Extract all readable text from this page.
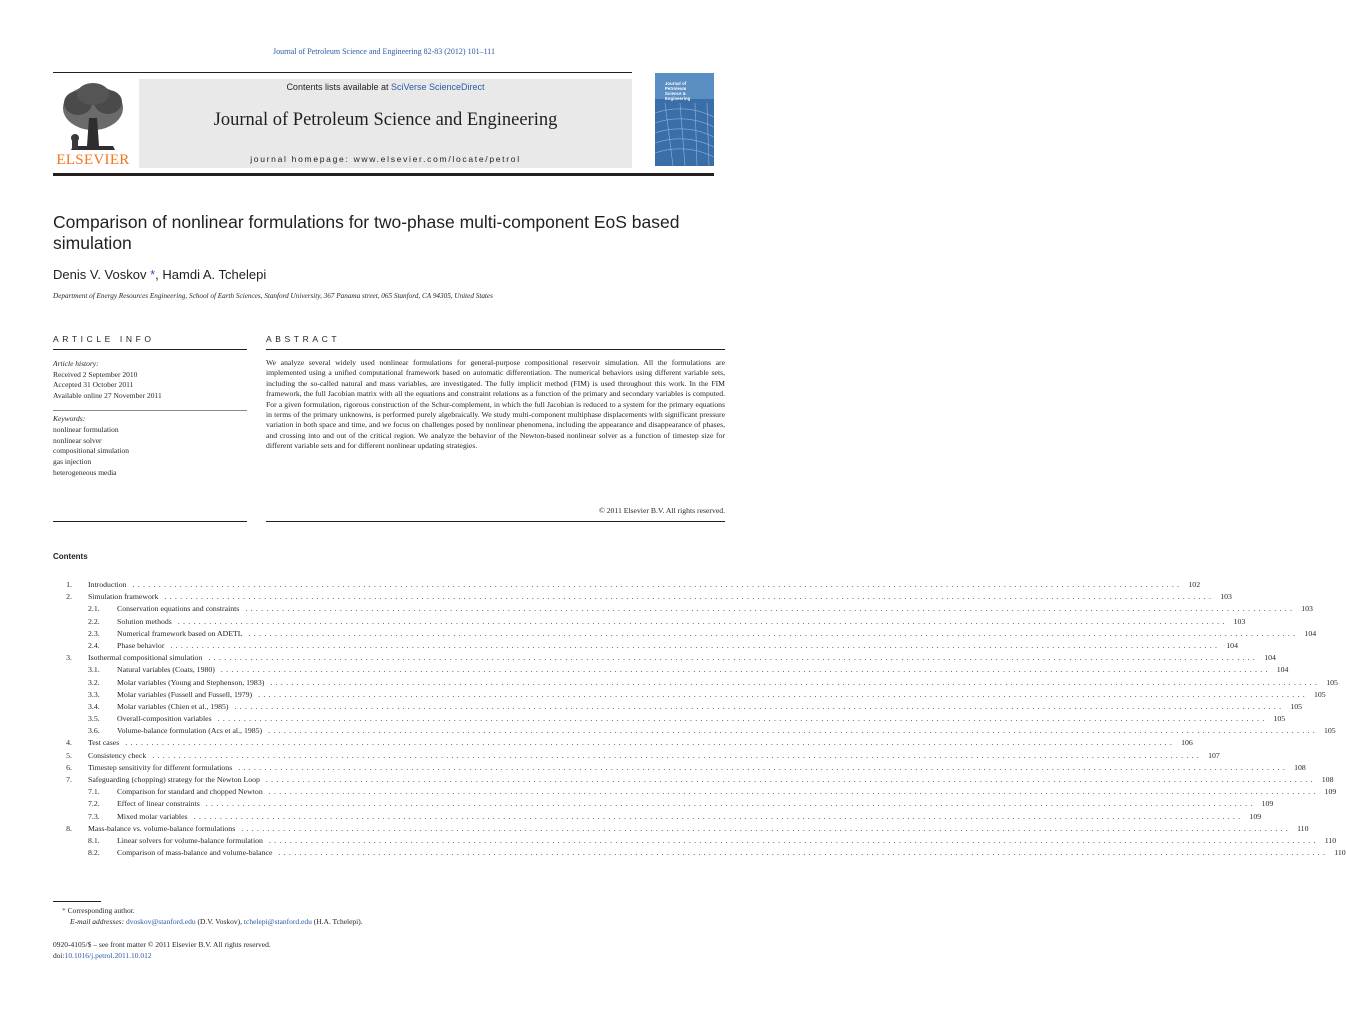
Journal of Petroleum Science and Engineering 82-83 (2012) 101–111
ELSEVIER
Contents lists available at SciVerse ScienceDirect
Journal of Petroleum Science and Engineering
journal homepage: www.elsevier.com/locate/petrol
Journal of
Petroleum
Science &
Engineering
Comparison of nonlinear formulations for two-phase multi-component EoS based simulation
Denis V. Voskov *, Hamdi A. Tchelepi
Department of Energy Resources Engineering, School of Earth Sciences, Stanford University, 367 Panama street, 065 Stanford, CA 94305, United States
ARTICLE INFO	ABSTRACT
Article history:
Received 2 September 2010
Accepted 31 October 2011
Available online 27 November 2011
Keywords:
nonlinear formulation
nonlinear solver
compositional simulation
gas injection
heterogeneous media
We analyze several widely used nonlinear formulations for general-purpose compositional reservoir simulation. All the formulations are implemented using a unified computational framework based on automatic differentiation. The numerical behaviors using different variable sets, including the so-called natural and mass variables, are investigated. The fully implicit method (FIM) is used throughout this work. In the FIM framework, the full Jacobian matrix with all the equations and constraint relations as a function of the primary and secondary variables is computed. For a given formulation, rigorous construction of the Schur-complement, in which the full Jacobian is reduced to a system for the primary equations in terms of the primary unknowns, is performed purely algebraically. We study multi-component multiphase displacements with significant pressure variation in both space and time, and we focus on challenges posed by nonlinear phenomena, including the appearance and disappearance of phases, and crossing into and out of the critical region. We analyze the behavior of the Newton-based nonlinear solver as a function of timestep size for different variable sets and for different nonlinear updating strategies.
© 2011 Elsevier B.V. All rights reserved.
Contents
1. Introduction ........................................................................................................................................................................................................ 102
2. Simulation framework ........................................................................................................................................................................................................ 103
2.1.	Conservation equations and constraints ........................................................................................................................................................................................................ 103
2.2.	Solution methods ........................................................................................................................................................................................................ 103
2.3.	Numerical framework based on ADETL ........................................................................................................................................................................................................ 104
2.4.	Phase behavior ........................................................................................................................................................................................................ 104
3. Isothermal compositional simulation ........................................................................................................................................................................................................ 104
3.1.	Natural variables (Coats, 1980) ........................................................................................................................................................................................................ 104
3.2.	Molar variables (Young and Stephenson, 1983) ........................................................................................................................................................................................................ 105
3.3.	Molar variables (Fussell and Fussell, 1979) ........................................................................................................................................................................................................ 105
3.4.	Molar variables (Chien et al., 1985) ........................................................................................................................................................................................................ 105
3.5.	Overall-composition variables ........................................................................................................................................................................................................ 105
3.6.	Volume-balance formulation (Acs et al., 1985) ........................................................................................................................................................................................................ 105
4. Test cases ........................................................................................................................................................................................................ 106
5. Consistency check ........................................................................................................................................................................................................ 107
6. Timestep sensitivity for different formulations ........................................................................................................................................................................................................ 108
7. Safeguarding (chopping) strategy for the Newton Loop ........................................................................................................................................................................................................ 108
7.1.	Comparison for standard and chopped Newton ........................................................................................................................................................................................................ 109
7.2.	Effect of linear constraints ........................................................................................................................................................................................................ 109
7.3.	Mixed molar variables ........................................................................................................................................................................................................ 109
8. Mass-balance vs. volume-balance formulations ........................................................................................................................................................................................................ 110
8.1.	Linear solvers for volume-balance formulation ........................................................................................................................................................................................................ 110
8.2.	Comparison of mass-balance and volume-balance ........................................................................................................................................................................................................ 110
* Corresponding author.
E-mail addresses: dvoskov@stanford.edu (D.V. Voskov), tchelepi@stanford.edu (H.A. Tchelepi).
0920-4105/$ – see front matter © 2011 Elsevier B.V. All rights reserved.
doi:10.1016/j.petrol.2011.10.012
